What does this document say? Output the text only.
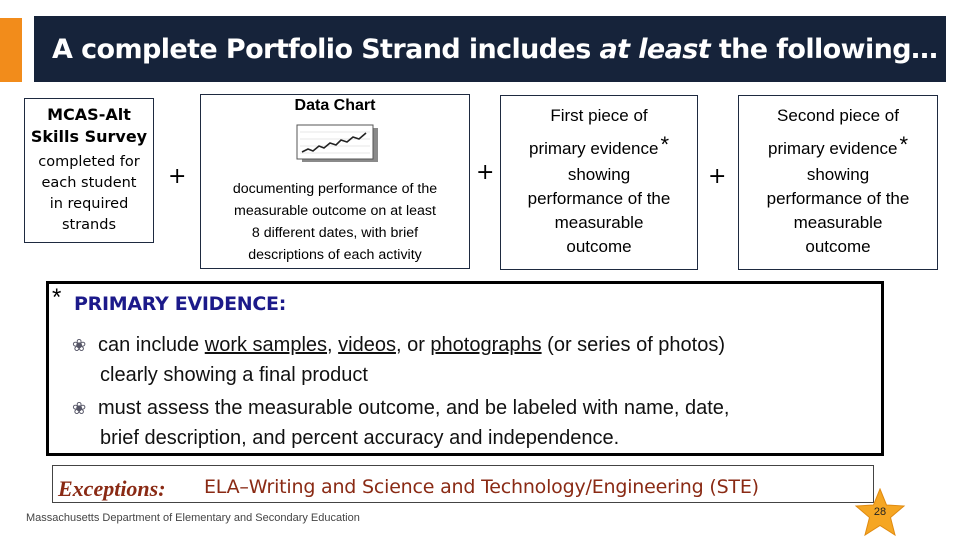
A complete Portfolio Strand includes at least the following…
MCAS-Alt
Skills Survey
completed for
each student
in required
strands
+
Data Chart
documenting performance of the
measurable outcome on at least
8 different dates, with brief
descriptions of each activity
+
First piece of
primary evidence*
showing
performance of the
measurable
outcome
+
Second piece of
primary evidence*
showing
performance of the
measurable
outcome
* PRIMARY EVIDENCE:
❀ can include work samples, videos, or photographs (or series of photos)
clearly showing a final product
❀ must assess the measurable outcome, and be labeled with name, date,
brief description, and percent accuracy and independence.
Exceptions: ELA–Writing and Science and Technology/Engineering (STE)
Massachusetts Department of Elementary and Secondary Education	28
